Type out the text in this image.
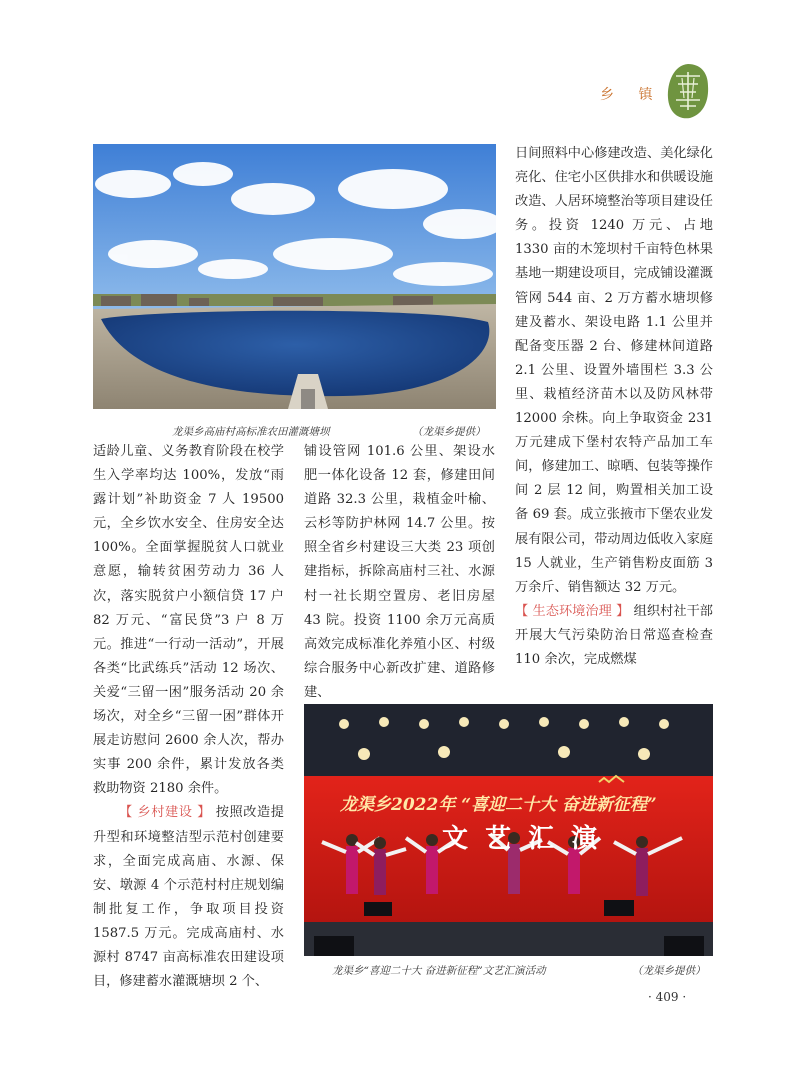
乡 镇
龙渠乡高庙村高标准农田灌溉塘坝	（龙渠乡提供）

日间照料中心修建改造、美化绿化亮化、住宅小区供排水和供暖设施改造、人居环境整治等项目建设任务。投资 1240 万元、占地 1330 亩的木笼坝村千亩特色林果基地一期建设项目，完成铺设灌溉管网 544 亩、2 万方蓄水塘坝修建及蓄水、架设电路 1.1 公里并配备变压器 2 台、修建林间道路 2.1 公里、设置外墙围栏 3.3 公里、栽植经济苗木以及防风林带 12000 余株。向上争取资金 231 万元建成下堡村农特产品加工车间，修建加工、晾晒、包装等操作间 2 层 12 间，购置相关加工设备 69 套。成立张掖市下堡农业发展有限公司，带动周边低收入家庭 15 人就业，生产销售粉皮面筋 3 万余斤、销售额达 32 万元。

【 生态环境治理 】 组织村社干部开展大气污染防治日常巡查检查 110 余次，完成燃煤

适龄儿童、义务教育阶段在校学生入学率均达 100%，发放“雨露计划”补助资金 7 人 19500 元，全乡饮水安全、住房安全达 100%。全面掌握脱贫人口就业意愿，输转贫困劳动力 36 人次，落实脱贫户小额信贷 17 户 82 万元、“富民贷”3 户 8 万元。推进“一行动一活动”，开展各类“比武练兵”活动 12 场次、关爱“三留一困”服务活动 20 余场次，对全乡“三留一困”群体开展走访慰问 2600 余人次，帮办实事 200 余件，累计发放各类救助物资 2180 余件。

【 乡村建设 】 按照改造提升型和环境整洁型示范村创建要求，全面完成高庙、水源、保安、墩源 4 个示范村村庄规划编制批复工作，争取项目投资 1587.5 万元。完成高庙村、水源村 8747 亩高标准农田建设项目，修建蓄水灌溉塘坝 2 个、

铺设管网 101.6 公里、架设水肥一体化设备 12 套，修建田间道路 32.3 公里，栽植金叶榆、云杉等防护林网 14.7 公里。按照全省乡村建设三大类 23 项创建指标，拆除高庙村三社、水源村一社长期空置房、老旧房屋 43 院。投资 1100 余万元高质高效完成标准化养殖小区、村级综合服务中心新改扩建、道路修建、

龙渠乡2022年 “喜迎二十大 奋进新征程”
文 艺 汇 演
龙渠乡“喜迎二十大 奋进新征程”文艺汇演活动	（龙渠乡提供）
· 409 ·
